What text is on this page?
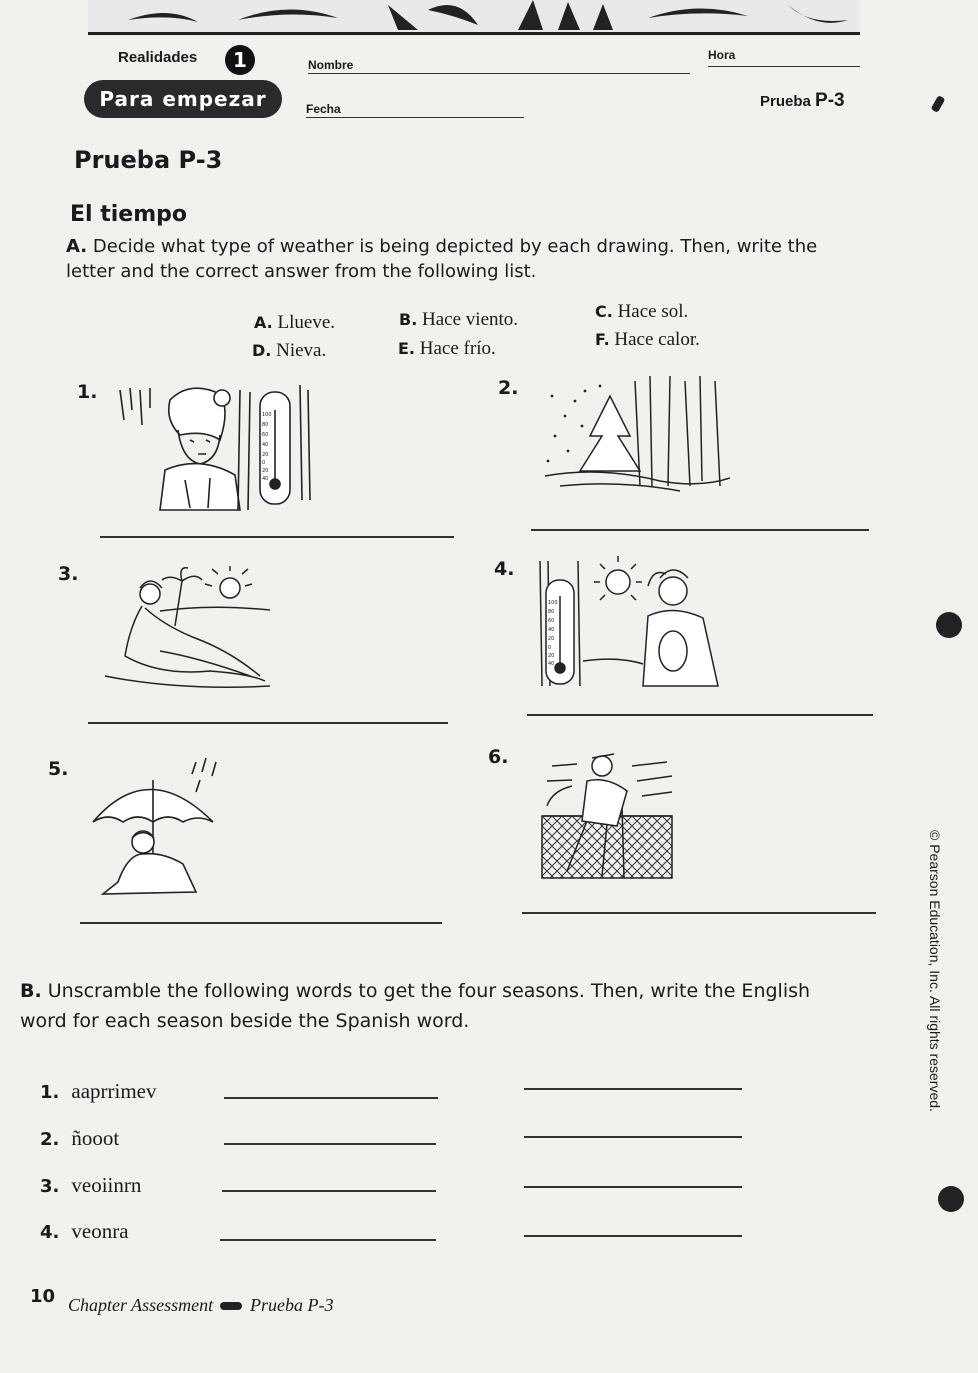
Realidades	1
Para empezar
Nombre
Hora
Fecha	Prueba P-3
Prueba P-3
El tiempo
A. Decide what type of weather is being depicted by each drawing. Then, write the letter and the correct answer from the following list.
A. Llueve.	B. Hace viento.	C. Hace sol.
D. Nieva.	E. Hace frío.	F. Hace calor.
1.	2.
3.	4.
5.
6.
100
80
60
40
20
0
20
40
100
80
60
40
20
0
20
40
B. Unscramble the following words to get the four seasons. Then, write the English word for each season beside the Spanish word.
1. aaprrimev
2. ñooot
3. veoiinrn
4. veonra
10 Chapter Assessment Prueba P-3
© Pearson Education, Inc. All rights reserved.
